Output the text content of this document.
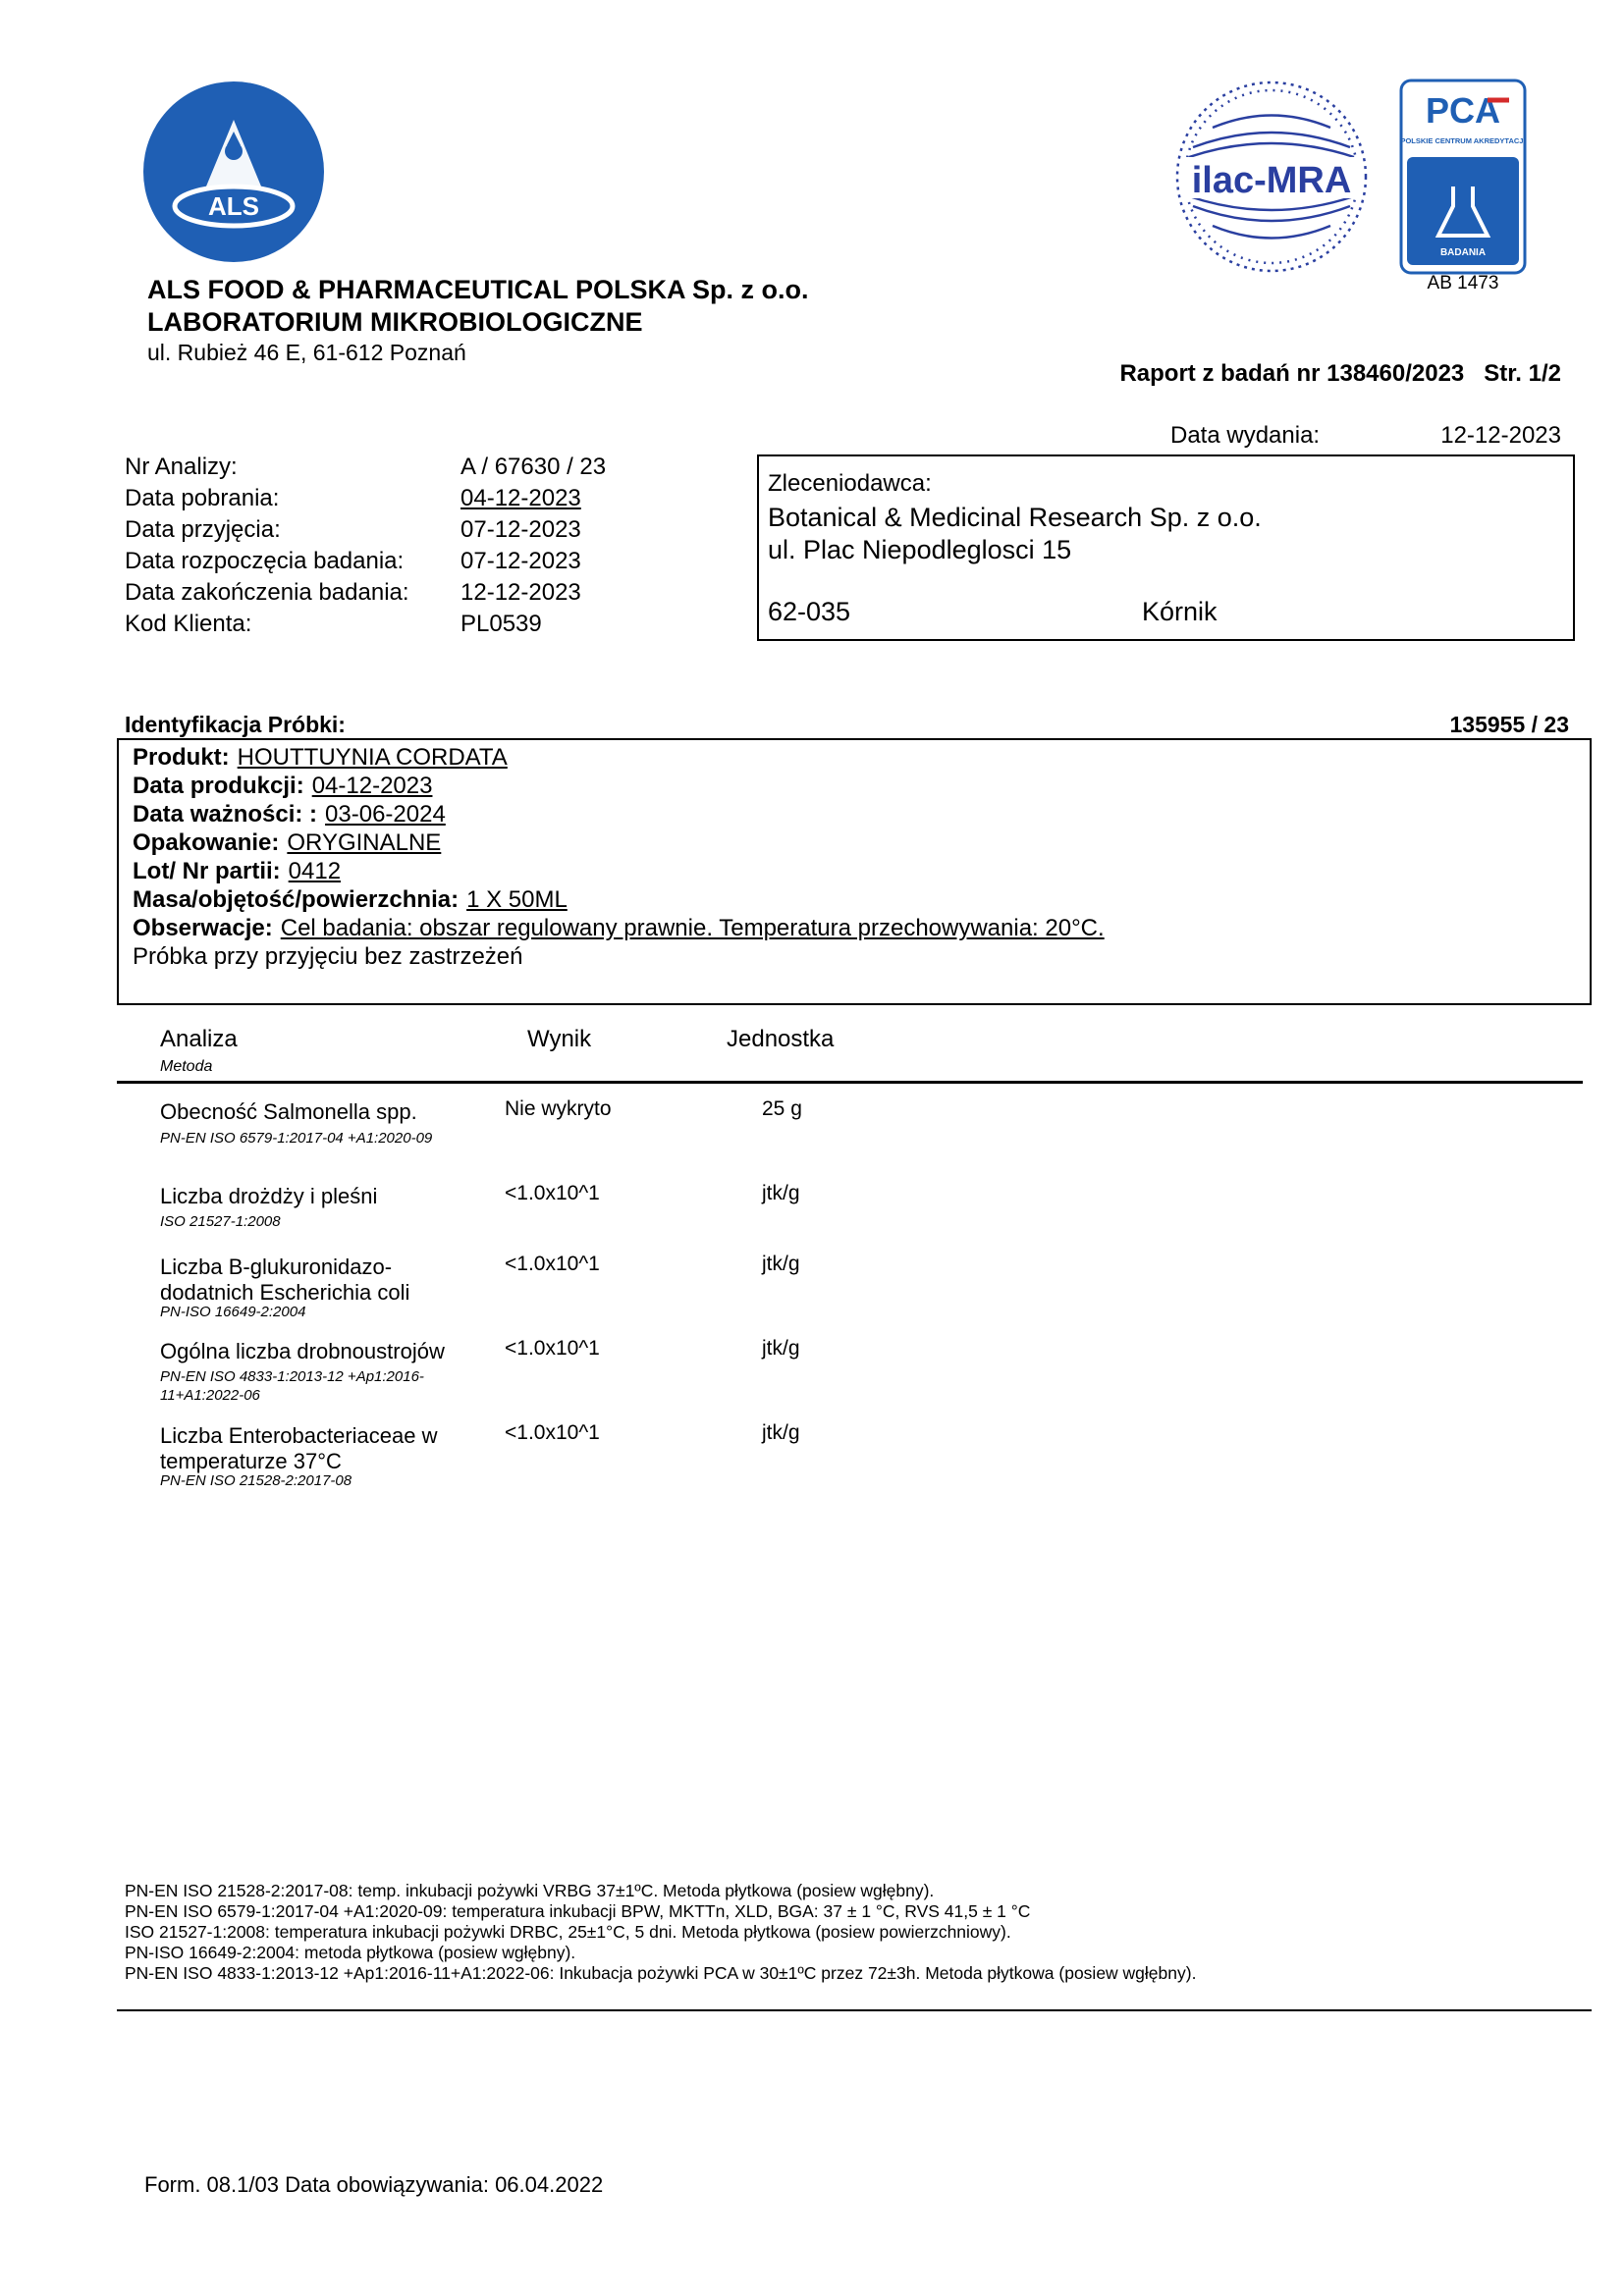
ALS
ilac-MRA
PCA
POLSKIE CENTRUM AKREDYTACJI
BADANIA
AB 1473
ALS FOOD & PHARMACEUTICAL POLSKA Sp. z o.o.
LABORATORIUM MIKROBIOLOGICZNE
ul. Rubież 46 E, 61-612 Poznań
Raport z badań nr 138460/2023   Str. 1/2
Data wydania:	12-12-2023
Nr Analizy:	A / 67630 / 23
Data pobrania:	04-12-2023
Data przyjęcia:	07-12-2023
Data rozpoczęcia badania: 07-12-2023
Data zakończenia badania: 12-12-2023
Kod Klienta:	PL0539
Zleceniodawca:
Botanical & Medicinal Research Sp. z o.o.
ul. Plac Niepodleglosci 15
62-035	Kórnik
Identyfikacja Próbki:	135955 / 23
Produkt: HOUTTUYNIA CORDATA
Data produkcji: 04-12-2023
Data ważności: : 03-06-2024
Opakowanie: ORYGINALNE
Lot/ Nr partii: 0412
Masa/objętość/powierzchnia: 1 X 50ML
Obserwacje: Cel badania: obszar regulowany prawnie. Temperatura przechowywania: 20°C.
Próbka przy przyjęciu bez zastrzeżeń
Analiza
Metoda
Wynik	Jednostka
Obecność Salmonella spp.
PN-EN ISO 6579-1:2017-04 +A1:2020-09
Nie wykryto	25 g
Liczba drożdży i pleśni
ISO 21527-1:2008
<1.0x10^1	jtk/g
Liczba B-glukuronidazo-dodatnich Escherichia coli
PN-ISO 16649-2:2004
<1.0x10^1	jtk/g
Ogólna liczba drobnoustrojów
PN-EN ISO 4833-1:2013-12 +Ap1:2016-11+A1:2022-06
<1.0x10^1	jtk/g
Liczba Enterobacteriaceae w temperaturze 37°C
PN-EN ISO 21528-2:2017-08
<1.0x10^1	jtk/g
PN-EN ISO 21528-2:2017-08: temp. inkubacji pożywki VRBG 37±1ºC. Metoda płytkowa (posiew wgłębny).
PN-EN ISO 6579-1:2017-04 +A1:2020-09: temperatura inkubacji BPW, MKTTn, XLD, BGA: 37 ± 1 °C, RVS 41,5 ± 1 °C
ISO 21527-1:2008: temperatura inkubacji pożywki DRBC, 25±1°C, 5 dni. Metoda płytkowa (posiew powierzchniowy).
PN-ISO 16649-2:2004: metoda płytkowa (posiew wgłębny).
PN-EN ISO 4833-1:2013-12 +Ap1:2016-11+A1:2022-06: Inkubacja pożywki PCA w 30±1ºC przez 72±3h. Metoda płytkowa (posiew wgłębny).
Form. 08.1/03 Data obowiązywania: 06.04.2022
